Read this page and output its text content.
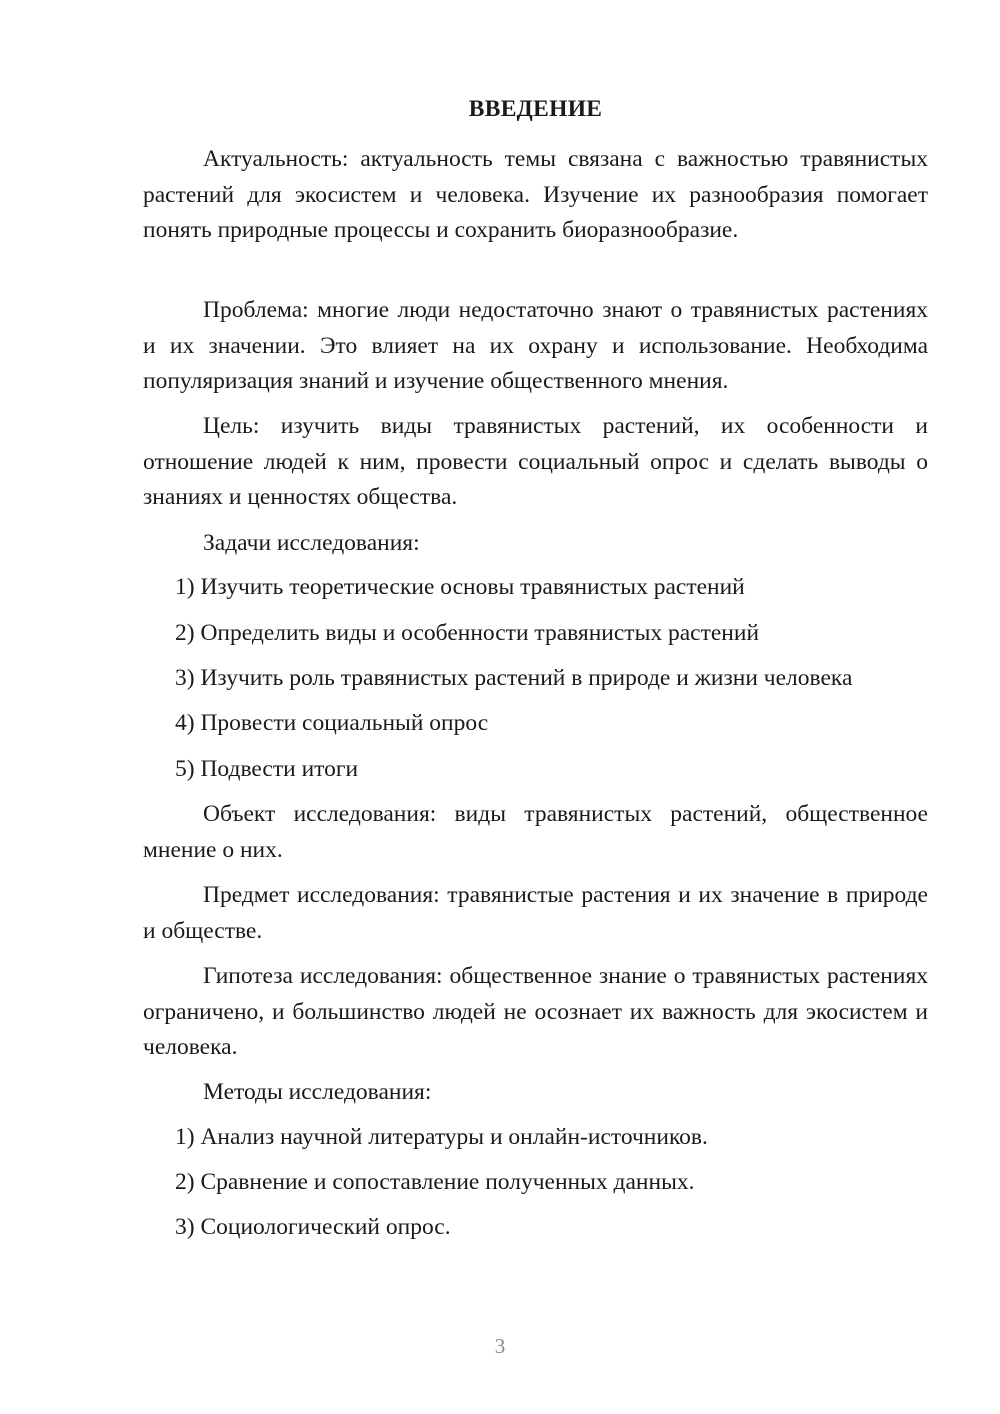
ВВЕДЕНИЕ
Актуальность: актуальность темы связана с важностью травянистых растений для экосистем и человека. Изучение их разнообразия помогает понять природные процессы и сохранить биоразнообразие.
Проблема: многие люди недостаточно знают о травянистых растениях и их значении. Это влияет на их охрану и использование. Необходима популяризация знаний и изучение общественного мнения.
Цель: изучить виды травянистых растений, их особенности и отношение людей к ним, провести социальный опрос и сделать выводы о знаниях и ценностях общества.
Задачи исследования:
1) Изучить теоретические основы травянистых растений
2) Определить виды и особенности травянистых растений
3) Изучить роль травянистых растений в природе и жизни человека
4) Провести социальный опрос
5) Подвести итоги
Объект исследования: виды травянистых растений, общественное мнение о них.
Предмет исследования: травянистые растения и их значение в природе и обществе.
Гипотеза исследования: общественное знание о травянистых растениях ограничено, и большинство людей не осознает их важность для экосистем и человека.
Методы исследования:
1) Анализ научной литературы и онлайн-источников.
2) Сравнение и сопоставление полученных данных.
3) Социологический опрос.
3
